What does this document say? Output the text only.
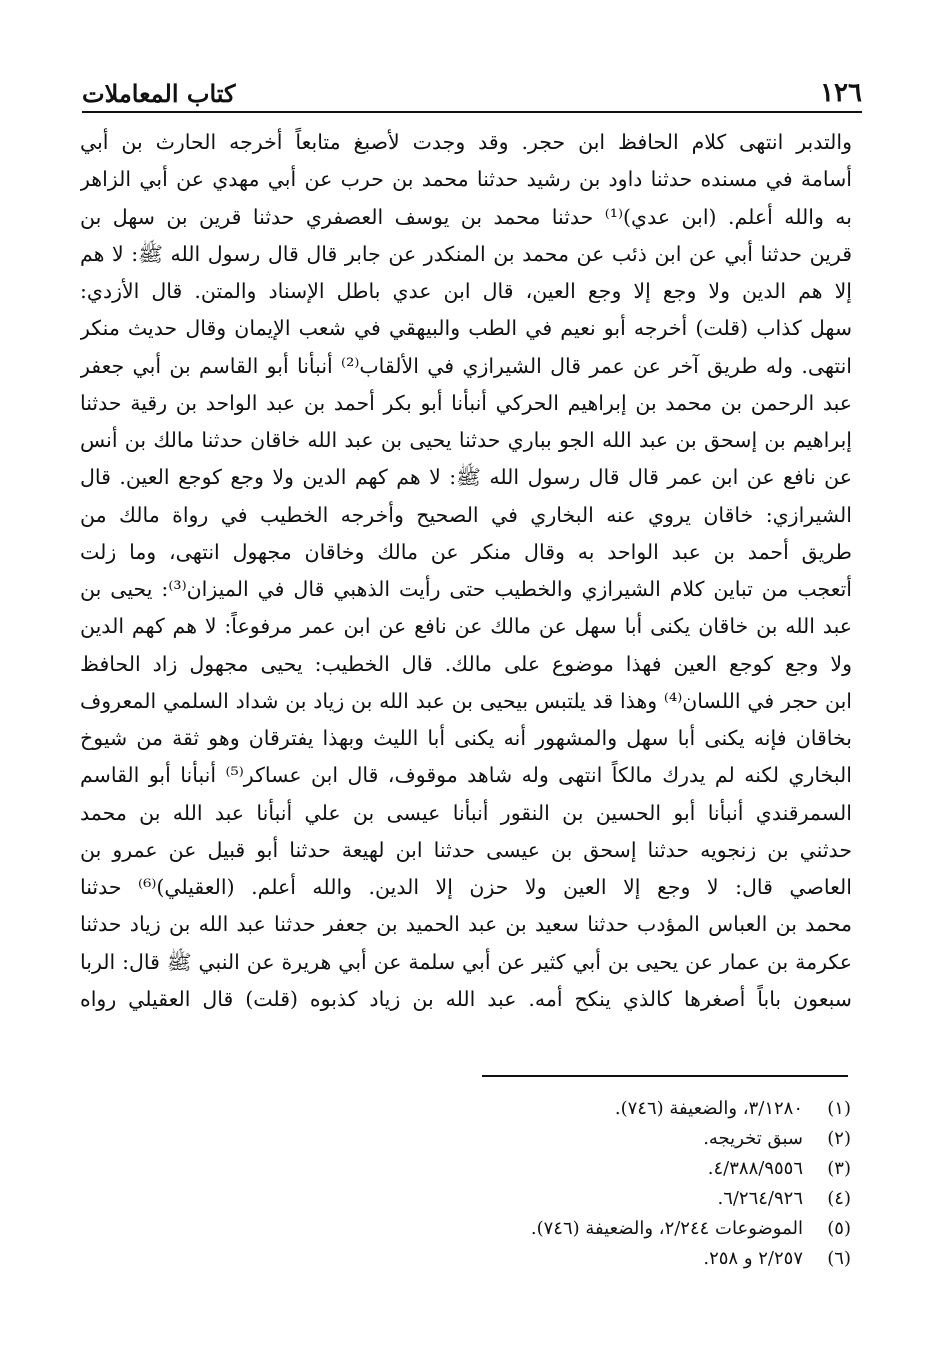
١٢٦
كتاب المعاملات
والتدبر انتهى كلام الحافظ ابن حجر. وقد وجدت لأصبغ متابعاً أخرجه الحارث بن أبي
أسامة في مسنده حدثنا داود بن رشيد حدثنا محمد بن حرب عن أبي مهدي عن أبي الزاهر
به والله أعلم. (ابن عدي)⁽¹⁾ حدثنا محمد بن يوسف العصفري حدثنا قرين بن سهل بن
قرين حدثنا أبي عن ابن ذئب عن محمد بن المنكدر عن جابر قال قال رسول الله ﷺ: لا هم
إلا هم الدين ولا وجع إلا وجع العين، قال ابن عدي باطل الإسناد والمتن. قال الأزدي:
سهل كذاب (قلت) أخرجه أبو نعيم في الطب والبيهقي في شعب الإيمان وقال حديث منكر
انتهى. وله طريق آخر عن عمر قال الشيرازي في الألقاب⁽²⁾ أنبأنا أبو القاسم بن أبي جعفر
عبد الرحمن بن محمد بن إبراهيم الحركي أنبأنا أبو بكر أحمد بن عبد الواحد بن رقية حدثنا
إبراهيم بن إسحق بن عبد الله الجو بباري حدثنا يحيى بن عبد الله خاقان حدثنا مالك بن أنس
عن نافع عن ابن عمر قال قال رسول الله ﷺ: لا هم كهم الدين ولا وجع كوجع العين. قال
الشيرازي: خاقان يروي عنه البخاري في الصحيح وأخرجه الخطيب في رواة مالك من
طريق أحمد بن عبد الواحد به وقال منكر عن مالك وخاقان مجهول انتهى، وما زلت
أتعجب من تباين كلام الشيرازي والخطيب حتى رأيت الذهبي قال في الميزان⁽³⁾: يحيى بن
عبد الله بن خاقان يكنى أبا سهل عن مالك عن نافع عن ابن عمر مرفوعاً: لا هم كهم الدين
ولا وجع كوجع العين فهذا موضوع على مالك. قال الخطيب: يحيى مجهول زاد الحافظ
ابن حجر في اللسان⁽⁴⁾ وهذا قد يلتبس بيحيى بن عبد الله بن زياد بن شداد السلمي المعروف
بخاقان فإنه يكنى أبا سهل والمشهور أنه يكنى أبا الليث وبهذا يفترقان وهو ثقة من شيوخ
البخاري لكنه لم يدرك مالكاً انتهى وله شاهد موقوف، قال ابن عساكر⁽⁵⁾ أنبأنا أبو القاسم
السمرقندي أنبأنا أبو الحسين بن النقور أنبأنا عيسى بن علي أنبأنا عبد الله بن محمد
حدثني بن زنجويه حدثنا إسحق بن عيسى حدثنا ابن لهيعة حدثنا أبو قبيل عن عمرو بن
العاصي قال: لا وجع إلا العين ولا حزن إلا الدين. والله أعلم. (العقيلي)⁽⁶⁾ حدثنا
محمد بن العباس المؤدب حدثنا سعيد بن عبد الحميد بن جعفر حدثنا عبد الله بن زياد حدثنا
عكرمة بن عمار عن يحيى بن أبي كثير عن أبي سلمة عن أبي هريرة عن النبي ﷺ قال: الربا
سبعون باباً أصغرها كالذي ينكح أمه. عبد الله بن زياد كذبوه (قلت) قال العقيلي رواه
(١)
٣/١٢٨٠، والضعيفة (٧٤٦).
(٢)
سبق تخريجه.
(٣)
٤/٣٨٨/٩٥٥٦.
(٤)
٦/٢٦٤/٩٢٦.
(٥)
الموضوعات ٢/٢٤٤، والضعيفة (٧٤٦).
(٦)
٢/٢٥٧ و ٢٥٨.
